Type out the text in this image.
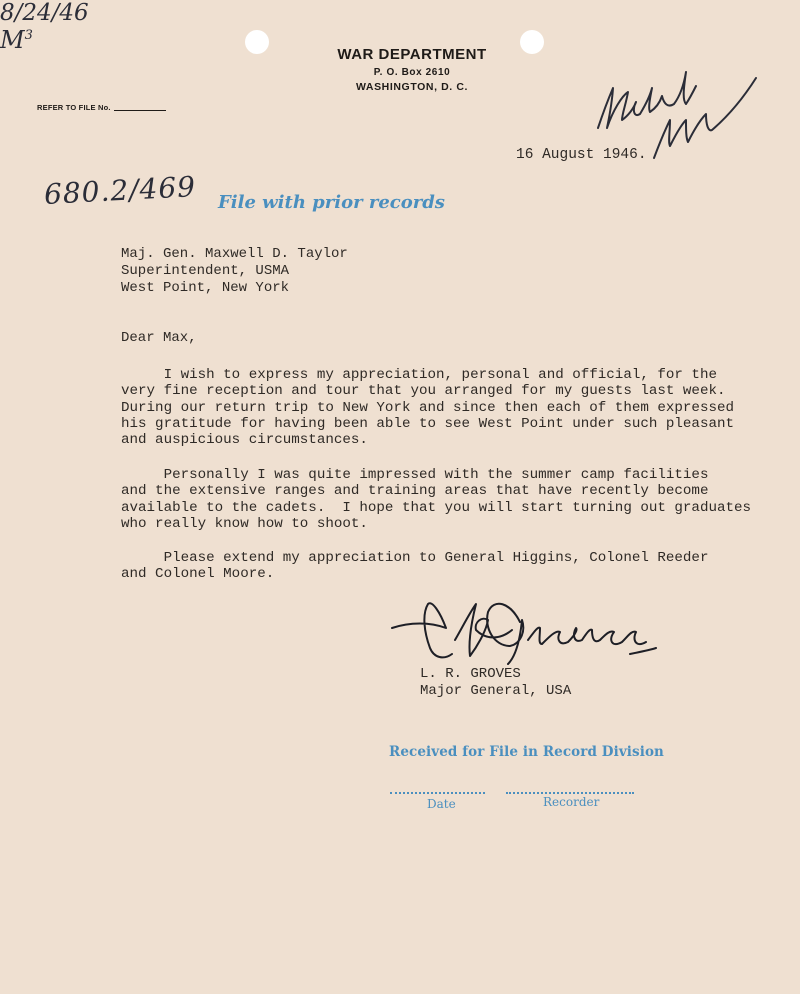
WAR DEPARTMENT
P. O. Box 2610
WASHINGTON, D. C.
REFER TO FILE No.
16 August 1946.
680.2/469 File with prior records
Maj. Gen. Maxwell D. Taylor
Superintendent, USMA
West Point, New York
Dear Max,
I wish to express my appreciation, personal and official, for the
very fine reception and tour that you arranged for my guests last week.
During our return trip to New York and since then each of them expressed
his gratitude for having been able to see West Point under such pleasant
and auspicious circumstances.
Personally I was quite impressed with the summer camp facilities
and the extensive ranges and training areas that have recently become
available to the cadets.  I hope that you will start turning out graduates
who really know how to shoot.
Please extend my appreciation to General Higgins, Colonel Reeder
and Colonel Moore.
L. R. GROVES
Major General, USA
Received for File in Record Division
8/24/46
$M^3$
Date	Recorder
